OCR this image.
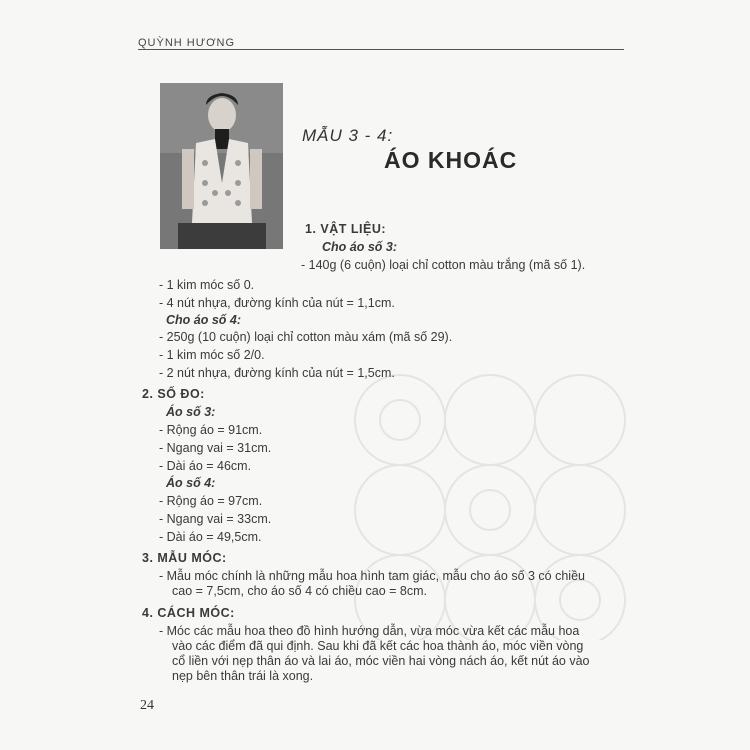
QUỲNH HƯƠNG
MẪU 3 - 4:
ÁO KHOÁC
1. VẬT LIỆU:
Cho áo số 3:
- 140g (6 cuộn) loại chỉ cotton màu trắng (mã số 1).
- 1 kim móc số 0.
- 4 nút nhựa, đường kính của nút = 1,1cm.
Cho áo số 4:
- 250g (10 cuộn) loại chỉ cotton màu xám (mã số 29).
- 1 kim móc số 2/0.
- 2 nút nhựa, đường kính của nút = 1,5cm.
2. SỐ ĐO:
Áo số 3:
- Rộng áo = 91cm.
- Ngang vai = 31cm.
- Dài áo = 46cm.
Áo số 4:
- Rộng áo = 97cm.
- Ngang vai = 33cm.
- Dài áo = 49,5cm.
3. MẪU MÓC:
- Mẫu móc chính là những mẫu hoa hình tam giác, mẫu cho áo số 3 có chiều
cao = 7,5cm, cho áo số 4 có chiều cao = 8cm.
4. CÁCH MÓC:
- Móc các mẫu hoa theo đồ hình hướng dẫn, vừa móc vừa kết các mẫu hoa
vào các điểm đã qui định. Sau khi đã kết các hoa thành áo, móc viền vòng
cổ liền với nẹp thân áo và lai áo, móc viền hai vòng nách áo, kết nút áo vào
nẹp bên thân trái là xong.
24
